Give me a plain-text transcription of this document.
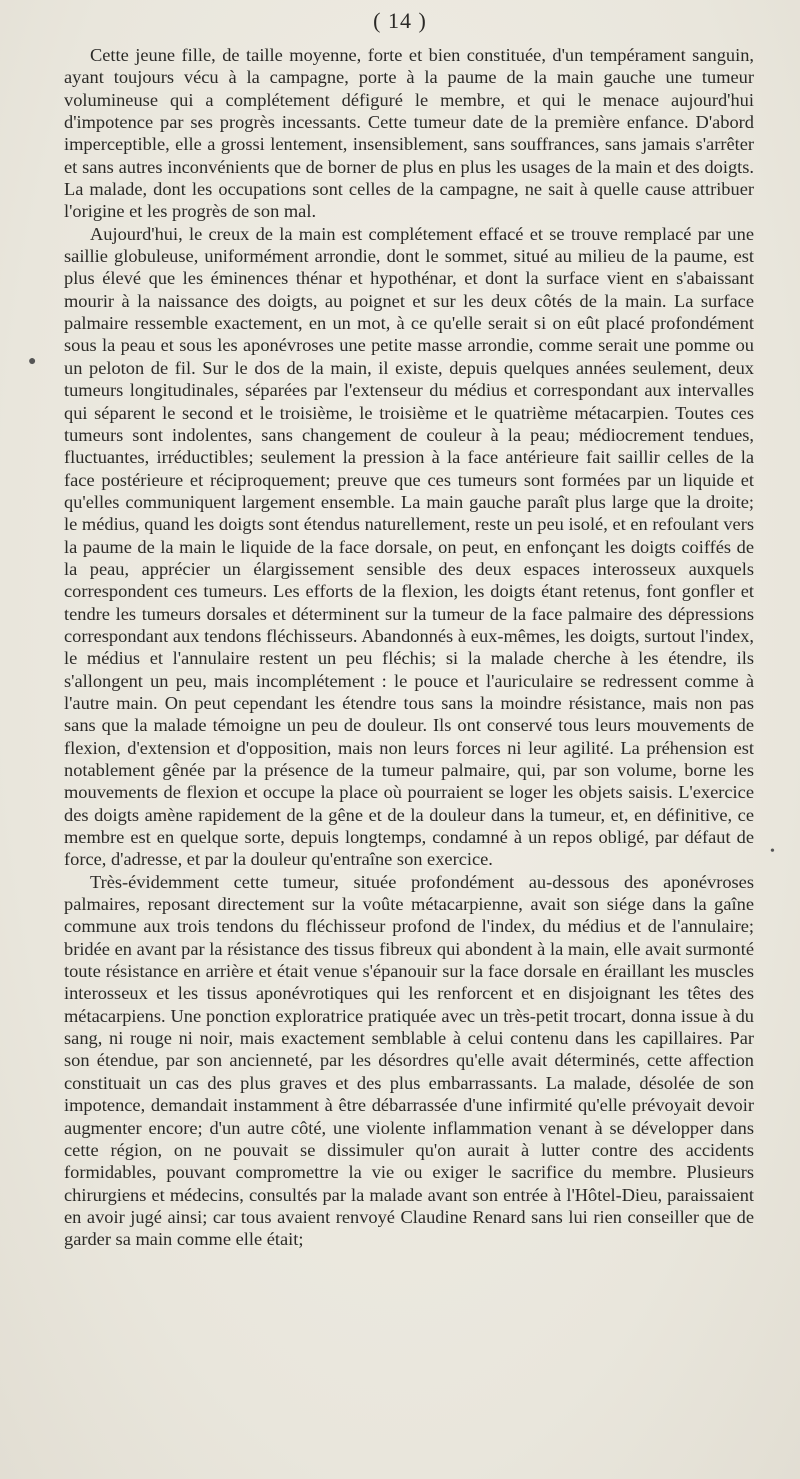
( 14 )
●
•

Cette jeune fille, de taille moyenne, forte et bien constituée, d'un tempérament sanguin, ayant toujours vécu à la campagne, porte à la paume de la main gauche une tumeur volumineuse qui a complétement défiguré le membre, et qui le menace aujourd'hui d'impotence par ses progrès incessants. Cette tumeur date de la première enfance. D'abord imperceptible, elle a grossi lentement, insensiblement, sans souffrances, sans jamais s'arrêter et sans autres inconvénients que de borner de plus en plus les usages de la main et des doigts. La malade, dont les occupations sont celles de la campagne, ne sait à quelle cause attribuer l'origine et les progrès de son mal.

Aujourd'hui, le creux de la main est complétement effacé et se trouve remplacé par une saillie globuleuse, uniformément arrondie, dont le sommet, situé au milieu de la paume, est plus élevé que les éminences thénar et hypothénar, et dont la surface vient en s'abaissant mourir à la naissance des doigts, au poignet et sur les deux côtés de la main. La surface palmaire ressemble exactement, en un mot, à ce qu'elle serait si on eût placé profondément sous la peau et sous les aponévroses une petite masse arrondie, comme serait une pomme ou un peloton de fil. Sur le dos de la main, il existe, depuis quelques années seulement, deux tumeurs longitudinales, séparées par l'extenseur du médius et correspondant aux intervalles qui séparent le second et le troisième, le troisième et le quatrième métacarpien. Toutes ces tumeurs sont indolentes, sans changement de couleur à la peau; médiocrement tendues, fluctuantes, irréductibles; seulement la pression à la face antérieure fait saillir celles de la face postérieure et réciproquement; preuve que ces tumeurs sont formées par un liquide et qu'elles communiquent largement ensemble. La main gauche paraît plus large que la droite; le médius, quand les doigts sont étendus naturellement, reste un peu isolé, et en refoulant vers la paume de la main le liquide de la face dorsale, on peut, en enfonçant les doigts coiffés de la peau, apprécier un élargissement sensible des deux espaces interosseux auxquels correspondent ces tumeurs. Les efforts de la flexion, les doigts étant retenus, font gonfler et tendre les tumeurs dorsales et déterminent sur la tumeur de la face palmaire des dépressions correspondant aux tendons fléchisseurs. Abandonnés à eux-mêmes, les doigts, surtout l'index, le médius et l'annulaire restent un peu fléchis; si la malade cherche à les étendre, ils s'allongent un peu, mais incomplétement : le pouce et l'auriculaire se redressent comme à l'autre main. On peut cependant les étendre tous sans la moindre résistance, mais non pas sans que la malade témoigne un peu de douleur. Ils ont conservé tous leurs mouvements de flexion, d'extension et d'opposition, mais non leurs forces ni leur agilité. La préhension est notablement gênée par la présence de la tumeur palmaire, qui, par son volume, borne les mouvements de flexion et occupe la place où pourraient se loger les objets saisis. L'exercice des doigts amène rapidement de la gêne et de la douleur dans la tumeur, et, en définitive, ce membre est en quelque sorte, depuis longtemps, condamné à un repos obligé, par défaut de force, d'adresse, et par la douleur qu'entraîne son exercice.

Très-évidemment cette tumeur, située profondément au-dessous des aponévroses palmaires, reposant directement sur la voûte métacarpienne, avait son siége dans la gaîne commune aux trois tendons du fléchisseur profond de l'index, du médius et de l'annulaire; bridée en avant par la résistance des tissus fibreux qui abondent à la main, elle avait surmonté toute résistance en arrière et était venue s'épanouir sur la face dorsale en éraillant les muscles interosseux et les tissus aponévrotiques qui les renforcent et en disjoignant les têtes des métacarpiens. Une ponction exploratrice pratiquée avec un très-petit trocart, donna issue à du sang, ni rouge ni noir, mais exactement semblable à celui contenu dans les capillaires. Par son étendue, par son ancienneté, par les désordres qu'elle avait déterminés, cette affection constituait un cas des plus graves et des plus embarrassants. La malade, désolée de son impotence, demandait instamment à être débarrassée d'une infirmité qu'elle prévoyait devoir augmenter encore; d'un autre côté, une violente inflammation venant à se développer dans cette région, on ne pouvait se dissimuler qu'on aurait à lutter contre des accidents formidables, pouvant compromettre la vie ou exiger le sacrifice du membre. Plusieurs chirurgiens et médecins, consultés par la malade avant son entrée à l'Hôtel-Dieu, paraissaient en avoir jugé ainsi; car tous avaient renvoyé Claudine Renard sans lui rien conseiller que de garder sa main comme elle était;
